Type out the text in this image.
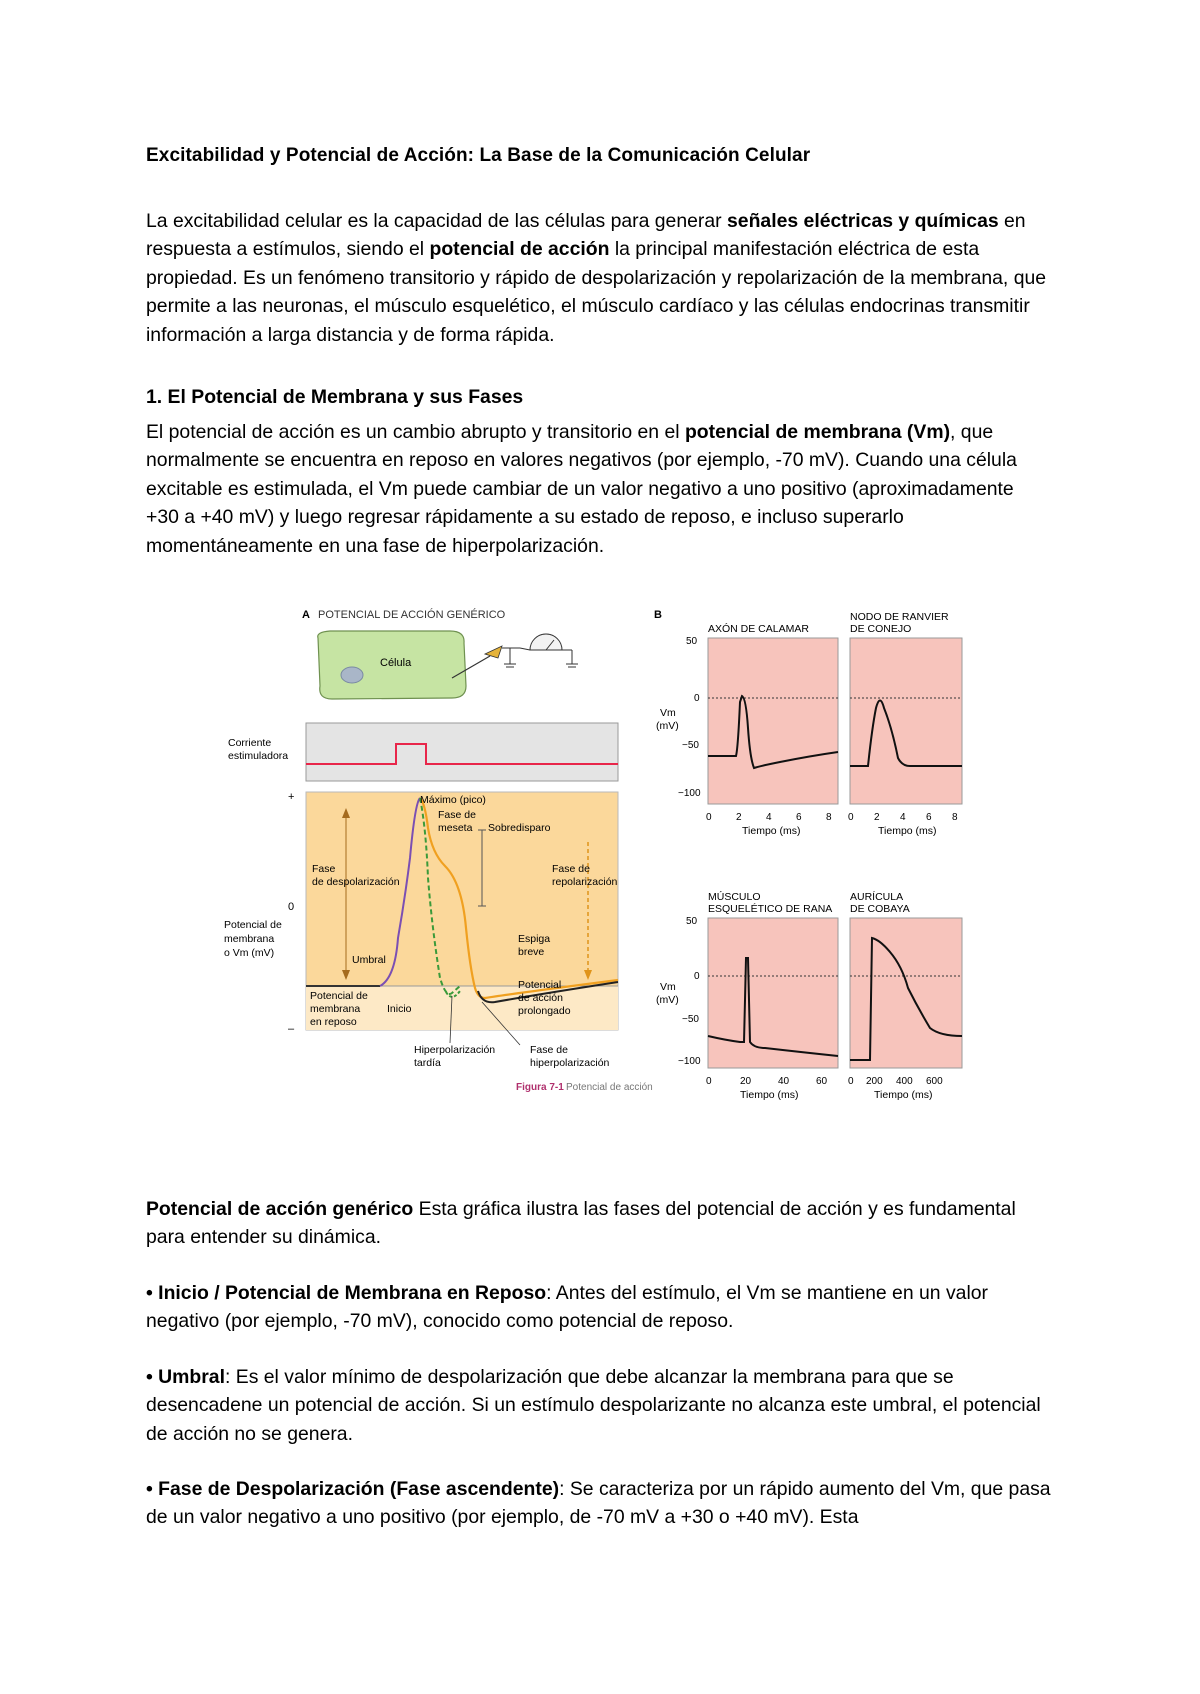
Excitabilidad y Potencial de Acción: La Base de la Comunicación Celular
La excitabilidad celular es la capacidad de las células para generar señales eléctricas y químicas en respuesta a estímulos, siendo el potencial de acción la principal manifestación eléctrica de esta propiedad. Es un fenómeno transitorio y rápido de despolarización y repolarización de la membrana, que permite a las neuronas, el músculo esquelético, el músculo cardíaco y las células endocrinas transmitir información a larga distancia y de forma rápida.
1. El Potencial de Membrana y sus Fases
El potencial de acción es un cambio abrupto y transitorio en el potencial de membrana (Vm), que normalmente se encuentra en reposo en valores negativos (por ejemplo, -70 mV). Cuando una célula excitable es estimulada, el Vm puede cambiar de un valor negativo a uno positivo (aproximadamente +30 a +40 mV) y luego regresar rápidamente a su estado de reposo, e incluso superarlo momentáneamente en una fase de hiperpolarización.
Potencial de acción genérico Esta gráfica ilustra las fases del potencial de acción y es fundamental para entender su dinámica.
• Inicio / Potencial de Membrana en Reposo: Antes del estímulo, el Vm se mantiene en un valor negativo (por ejemplo, -70 mV), conocido como potencial de reposo.
• Umbral: Es el valor mínimo de despolarización que debe alcanzar la membrana para que se desencadene un potencial de acción. Si un estímulo despolarizante no alcanza este umbral, el potencial de acción no se genera.
• Fase de Despolarización (Fase ascendente): Se caracteriza por un rápido aumento del Vm, que pasa de un valor negativo a uno positivo (por ejemplo, de -70 mV a +30 o +40 mV). Esta
A POTENCIAL DE ACCIÓN GENÉRICO
Célula
Corriente
estimuladora
+
0
–
Potencial de
membrana
o Vm (mV)
Máximo (pico)
Fase de
meseta Sobredisparo
Fase
de despolarización
Fase de
repolarización
Espiga
breve
Umbral
Potencial
de acción
prolongado
Potencial de
membrana
en reposo
Inicio
Hiperpolarización
tardía
Fase de
hiperpolarización
Figura 7-1 Potencial de acción
B
AXÓN DE CALAMAR
NODO DE RANVIER
DE CONEJO
50
0
−50
−100
Vm
(mV)
0 2 4 6 8
Tiempo (ms)
0 2 4 6 8
Tiempo (ms)
MÚSCULO
ESQUELÉTICO DE RANA
AURÍCULA
DE COBAYA
50
0
−50
−100
Vm
(mV)
0	20	40	60
Tiempo (ms)
0 200 400 600
Tiempo (ms)
